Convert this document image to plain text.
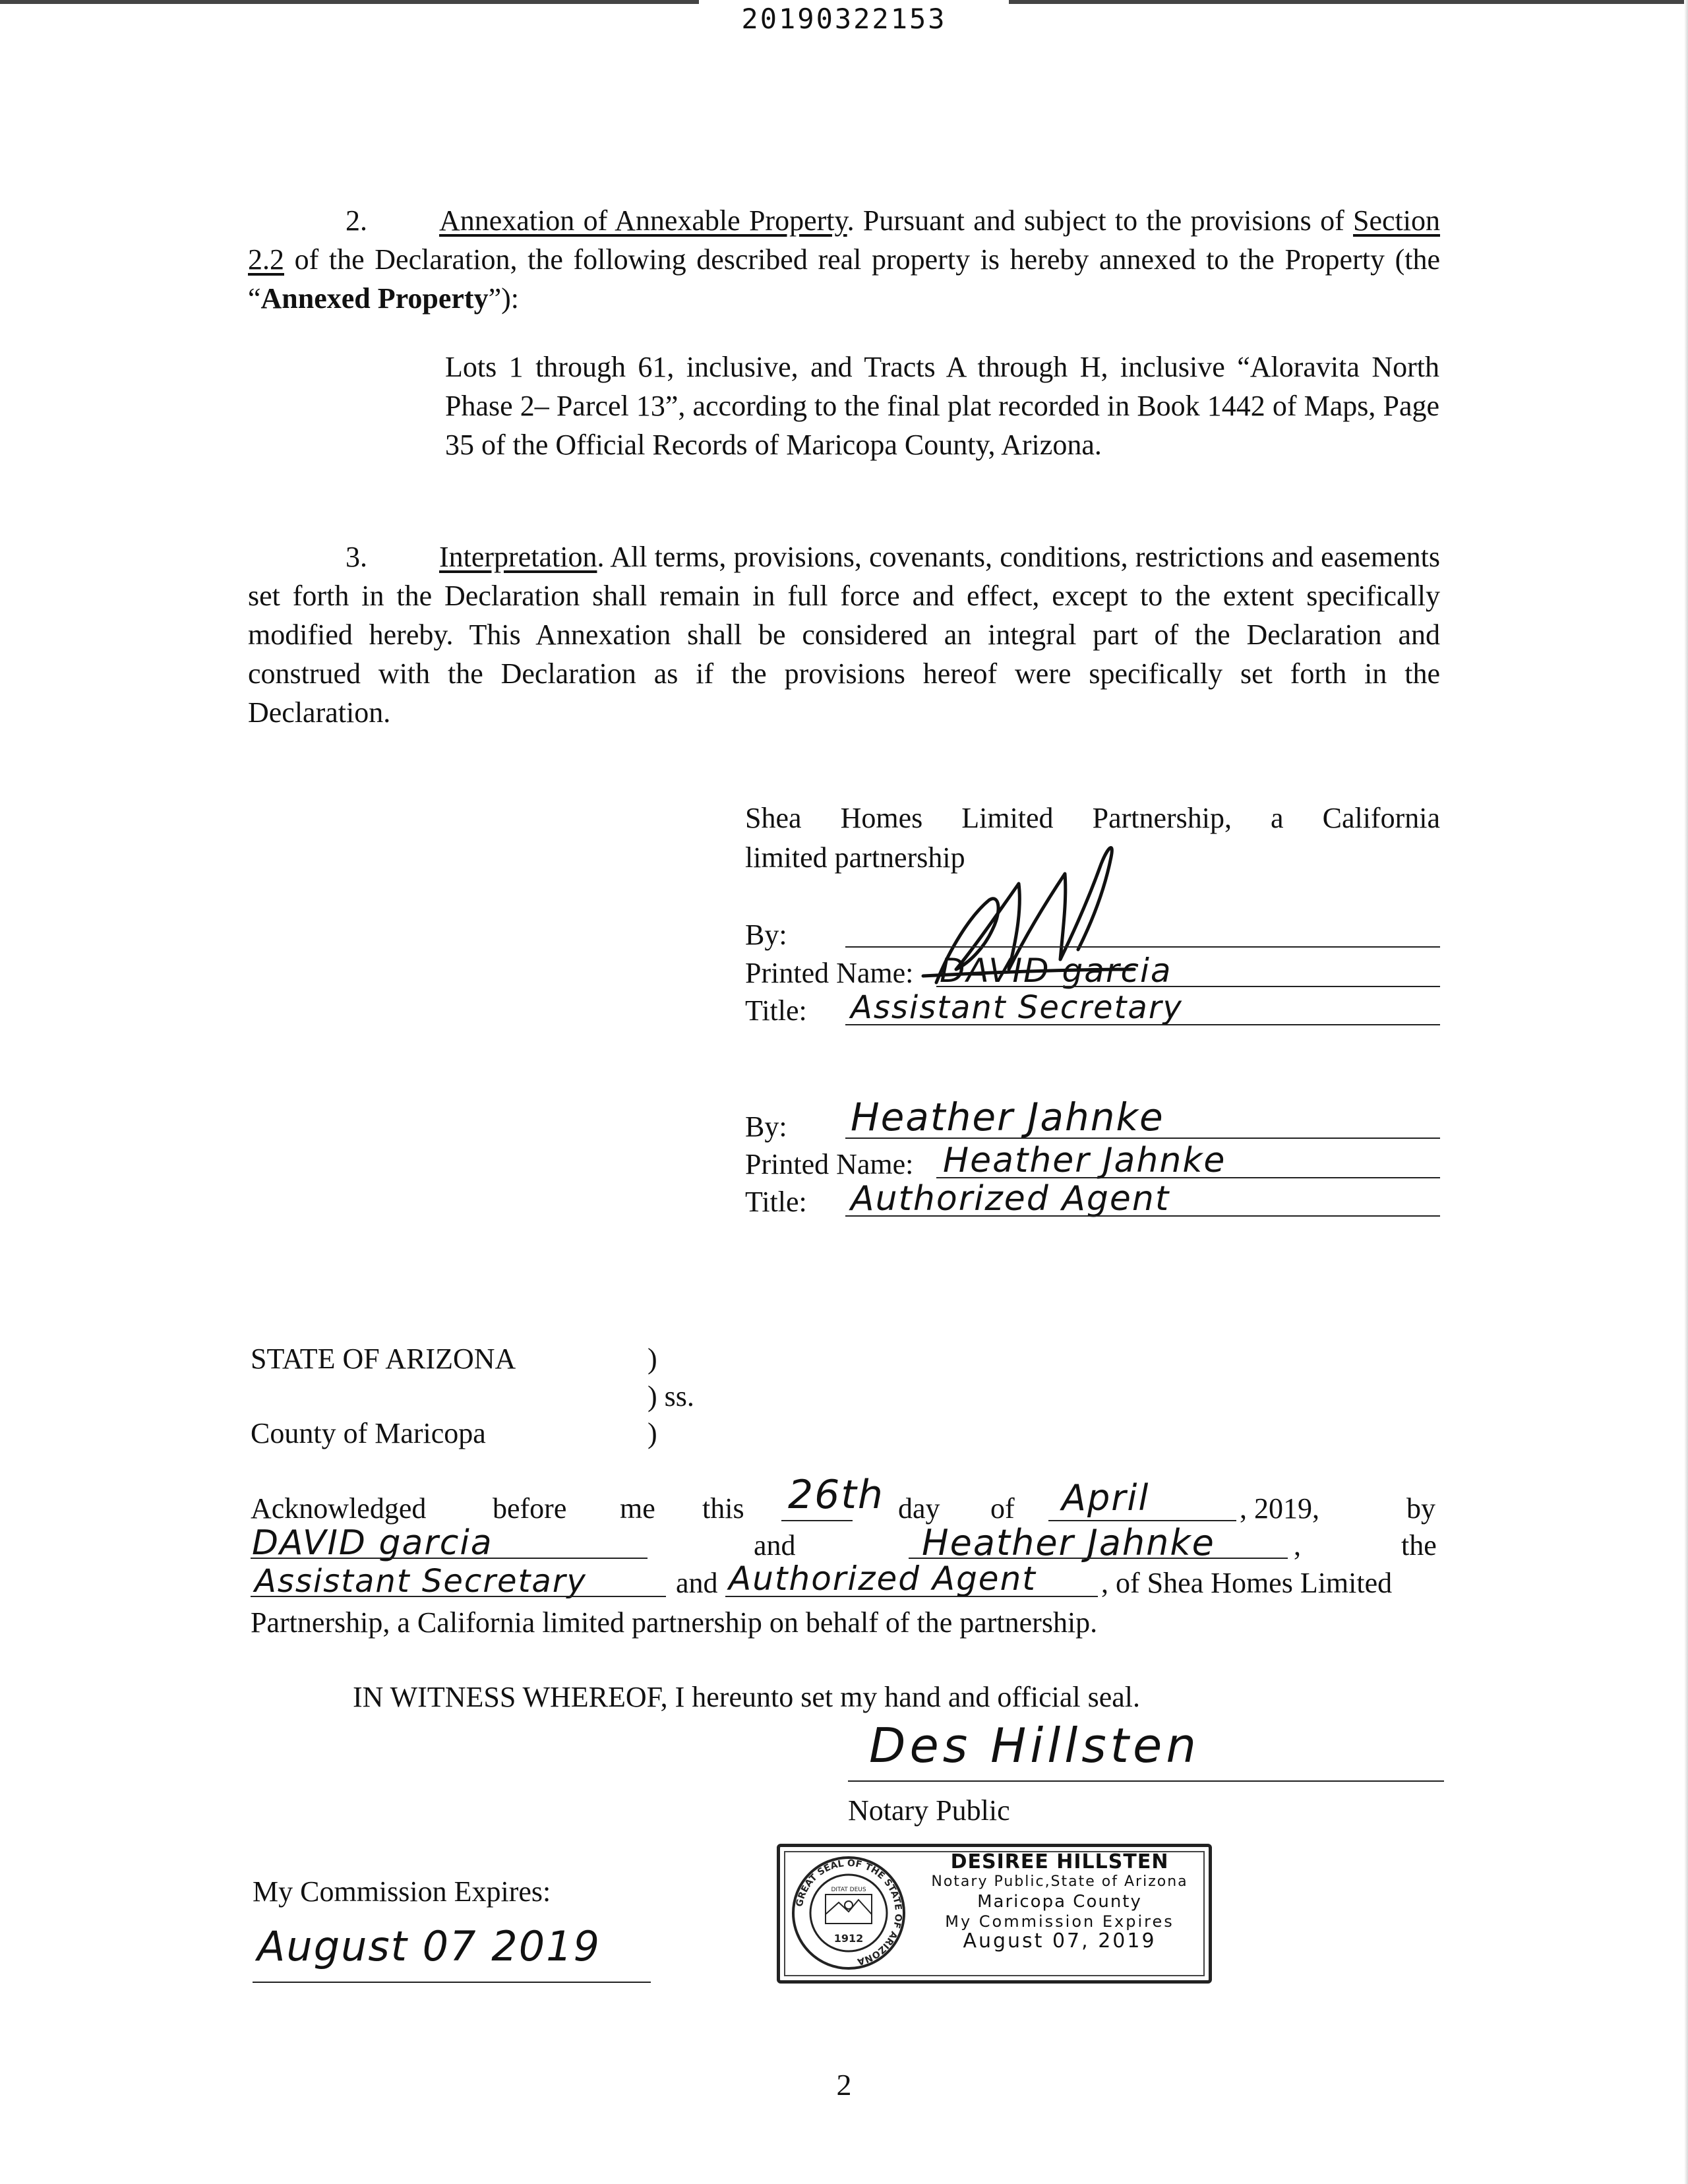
20190322153
2. Annexation of Annexable Property. Pursuant and subject to the provisions of Section 2.2 of the Declaration, the following described real property is hereby annexed to the Property (the “Annexed Property”):
Lots 1 through 61, inclusive, and Tracts A through H, inclusive “Aloravita North Phase 2– Parcel 13”, according to the final plat recorded in Book 1442 of Maps, Page 35 of the Official Records of Maricopa County, Arizona.
3. Interpretation. All terms, provisions, covenants, conditions, restrictions and easements set forth in the Declaration shall remain in full force and effect, except to the extent specifically modified hereby. This Annexation shall be considered an integral part of the Declaration and construed with the Declaration as if the provisions hereof were specifically set forth in the Declaration.
Shea Homes Limited Partnership, a California
limited partnership
By:
Printed Name: DAVID garcia
Title: Assistant Secretary
By: Heather Jahnke
Printed Name: Heather Jahnke
Title: Authorized Agent
STATE OF ARIZONA	)
) ss.
County of Maricopa	)
Acknowledged before me this 26th day of April	, 2019,	by
DAVID garcia	and	Heather Jahnke	,	the
Assistant Secretary	and Authorized Agent , of Shea Homes Limited
Partnership, a California limited partnership on behalf of the partnership.
IN WITNESS WHEREOF, I hereunto set my hand and official seal.
Des Hillsten
Notary Public
My Commission Expires:
August 07 2019
GREAT SEAL OF THE STATE OF ARIZONA
DITAT DEUS
1912
DESIREE HILLSTEN
Notary Public,State of Arizona
Maricopa County
My Commission Expires
August 07, 2019
2
